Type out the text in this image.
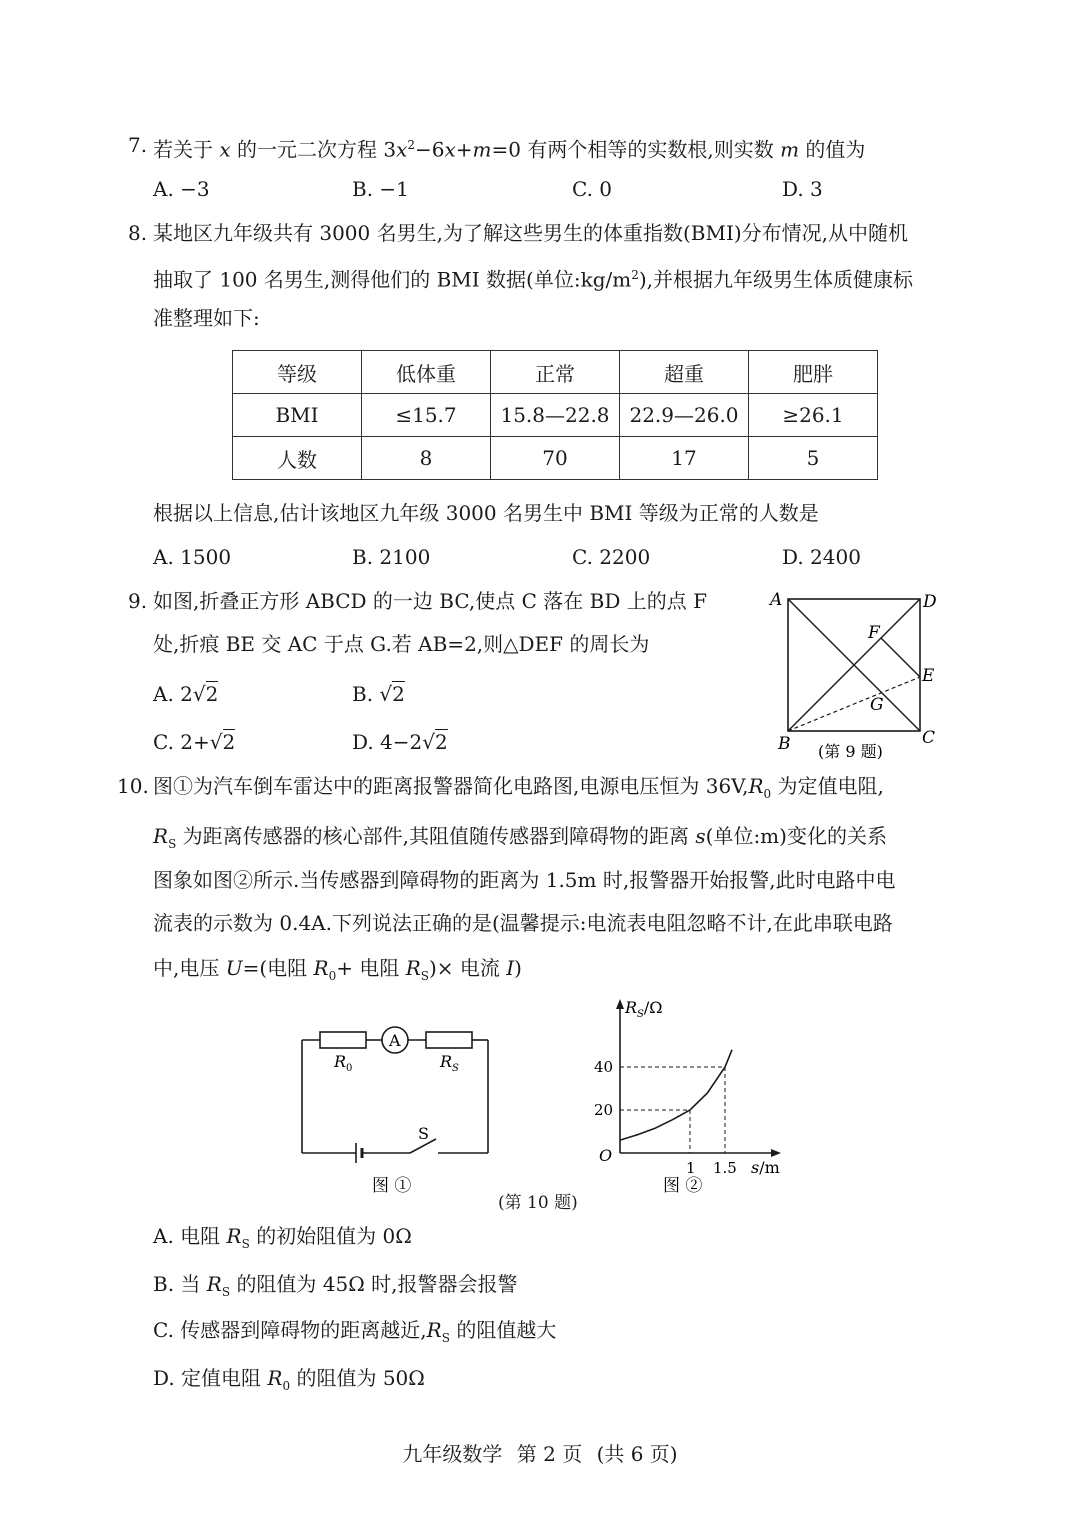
7. 若关于 x 的一元二次方程 $3x^2-6x+m=0$ 有两个相等的实数根,则实数 m 的值为
A. −3	B. −1	C. 0	D. 3
8. 某地区九年级共有 3000 名男生,为了解这些男生的体重指数(BMI)分布情况,从中随机
抽取了 100 名男生,测得他们的 BMI 数据(单位$:kg/m^2$),并根据九年级男生体质健康标
准整理如下:
等级	低体重	正常	超重	肥胖
BMI	≤15.7	15.8—22.8	22.9—26.0	≥26.1
人数	8	70	17	5
根据以上信息,估计该地区九年级 3000 名男生中 BMI 等级为正常的人数是
A. 1500	B. 2100	C. 2200	D. 2400
9. 如图,折叠正方形 ABCD 的一边 BC,使点 C 落在 BD 上的点 F
处,折痕 BE 交 AC 于点 G.若 AB=2,则△DEF 的周长为
A. 2√2	B. √2
C. 2+√2	D. 4−2√2
A	D
F
E
G
B	C
(第 9 题)
10. 图①为汽车倒车雷达中的距离报警器简化电路图,电源电压恒为 $36V,R_0$ 为定值电阻,
$R_S$ 为距离传感器的核心部件,其阻值随传感器到障碍物的距离 s(单位:m)变化的关系
图象如图②所示.当传感器到障碍物的距离为 1.5m 时,报警器开始报警,此时电路中电
流表的示数为 0.4A.下列说法正确的是(温馨提示:电流表电阻忽略不计,在此串联电路
中,电压 U=(电阻 $R_0+$ 电阻 $R_S)\times$ 电流 I)
A
S
$R_0$	$R_S$
图 ①
$R_S/\Omega$
s/m
O
20
40
1 1.5
图 ②
(第 10 题)
A. 电阻 $R_S$ 的初始阻值为 0Ω
B. 当 $R_S$ 的阻值为 45Ω 时,报警器会报警
C. 传感器到障碍物的距离越近$,R_S$ 的阻值越大
D. 定值电阻 $R_0$ 的阻值为 50Ω
九年级数学 第 2 页 (共 6 页)
